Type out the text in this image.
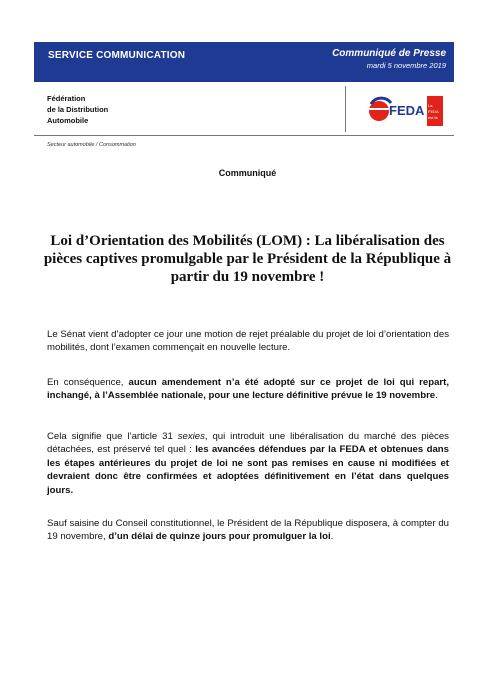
SERVICE COMMUNICATION	Communiqué de Presse
mardi 5 novembre 2019
Fédération
de la Distribution
Automobile
FEDA La
FEDA
est là
Secteur automobile / Consommation
Communiqué
Loi d’Orientation des Mobilités (LOM) : La libéralisation des pièces captives promulgable par le Président de la République à partir du 19 novembre !
Le Sénat vient d’adopter ce jour une motion de rejet préalable du projet de loi d’orientation des mobilités, dont l’examen commençait en nouvelle lecture.
En conséquence, aucun amendement n’a été adopté sur ce projet de loi qui repart, inchangé, à l’Assemblée nationale, pour une lecture définitive prévue le 19 novembre.
Cela signifie que l’article 31 sexies, qui introduit une libéralisation du marché des pièces détachées, est préservé tel quel : les avancées défendues par la FEDA et obtenues dans les étapes antérieures du projet de loi ne sont pas remises en cause ni modifiées et devraient donc être confirmées et adoptées définitivement en l’état dans quelques jours.
Sauf saisine du Conseil constitutionnel, le Président de la République disposera, à compter du 19 novembre, d’un délai de quinze jours pour promulguer la loi.
